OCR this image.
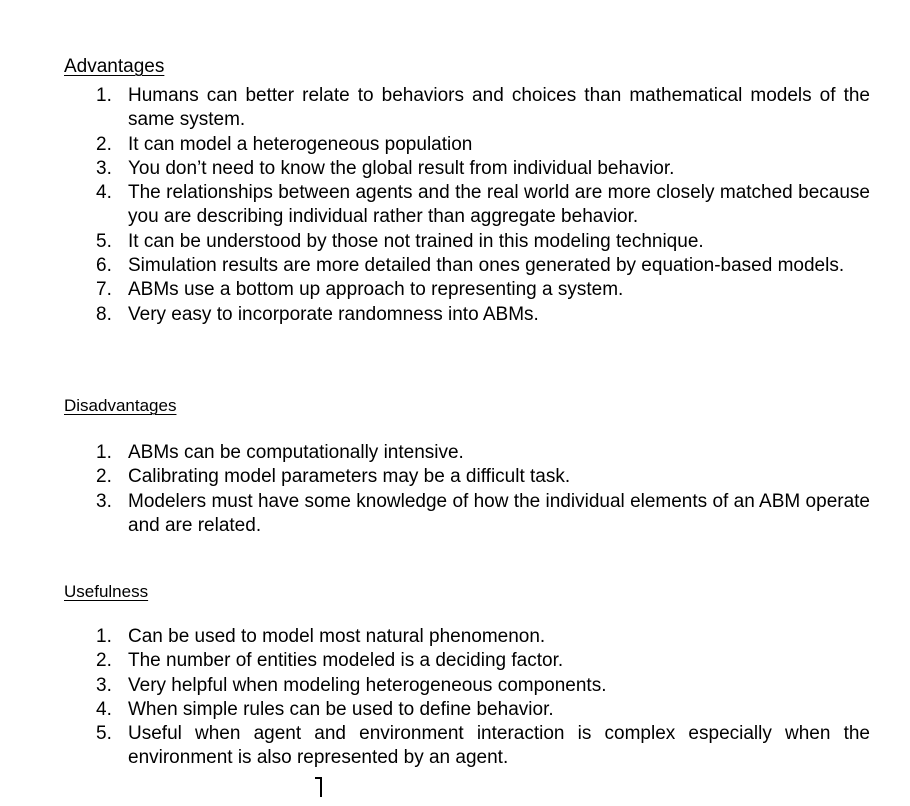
Advantages
1. Humans can better relate to behaviors and choices than mathematical models of the same system.
2. It can model a heterogeneous population
3. You don’t need to know the global result from individual behavior.
4. The relationships between agents and the real world are more closely matched because you are describing individual rather than aggregate behavior.
5. It can be understood by those not trained in this modeling technique.
6. Simulation results are more detailed than ones generated by equation-based models.
7. ABMs use a bottom up approach to representing a system.
8. Very easy to incorporate randomness into ABMs.
Disadvantages
1. ABMs can be computationally intensive.
2. Calibrating model parameters may be a difficult task.
3. Modelers must have some knowledge of how the individual elements of an ABM operate and are related.
Usefulness
1. Can be used to model most natural phenomenon.
2. The number of entities modeled is a deciding factor.
3. Very helpful when modeling heterogeneous components.
4. When simple rules can be used to define behavior.
5. Useful when agent and environment interaction is complex especially when the environment is also represented by an agent.
